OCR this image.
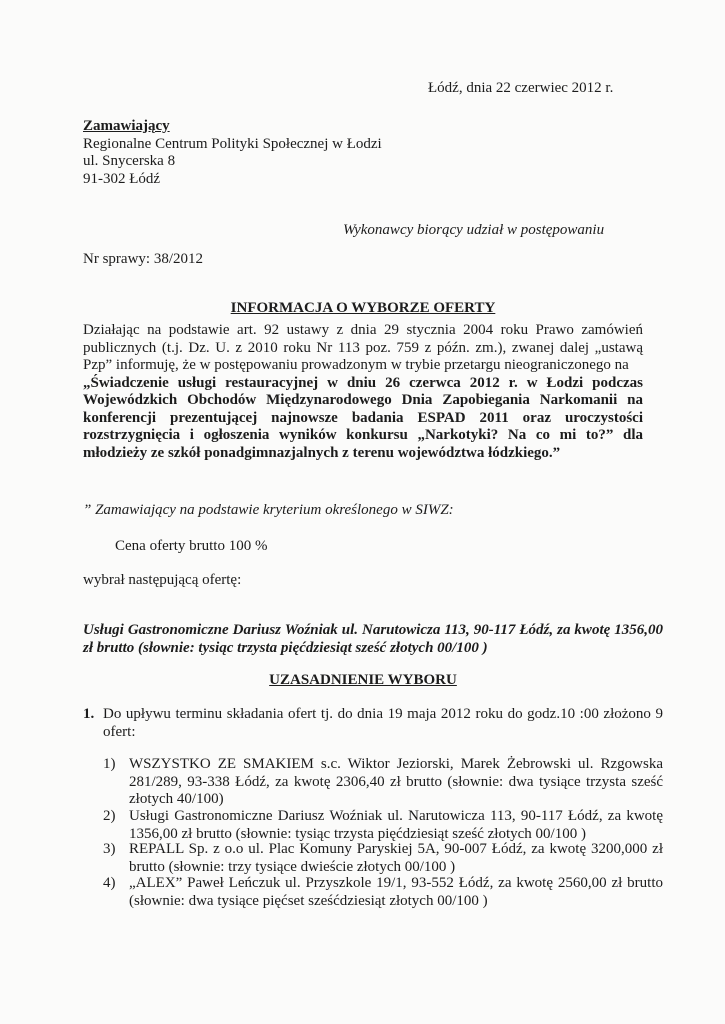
Łódź, dnia 22 czerwiec 2012 r.

Zamawiający

Regionalne Centrum Polityki Społecznej w Łodzi

ul. Snycerska 8

91-302 Łódź

Wykonawcy biorący udział w postępowaniu
Nr sprawy: 38/2012
INFORMACJA O WYBORZE OFERTY

Działając na podstawie art. 92 ustawy z dnia 29 stycznia 2004 roku Prawo zamówień publicznych (t.j. Dz. U. z 2010 roku Nr 113 poz. 759 z późn. zm.), zwanej dalej „ustawą Pzp” informuję, że w postępowaniu prowadzonym w trybie przetargu nieograniczonego na

„Świadczenie usługi restauracyjnej w dniu 26 czerwca 2012 r. w Łodzi podczas Wojewódzkich Obchodów Międzynarodowego Dnia Zapobiegania Narkomanii na konferencji prezentującej najnowsze badania ESPAD 2011 oraz uroczystości rozstrzygnięcia i ogłoszenia wyników konkursu „Narkotyki? Na co mi to?” dla młodzieży ze szkół ponadgimnazjalnych z terenu województwa łódzkiego.”

” Zamawiający na podstawie kryterium określonego w SIWZ:
Cena oferty brutto 100 %
wybrał następującą ofertę:
Usługi Gastronomiczne Dariusz Woźniak ul. Narutowicza 113, 90-117 Łódź, za kwotę 1356,00 zł brutto (słownie: tysiąc trzysta pięćdziesiąt sześć złotych 00/100 )
UZASADNIENIE WYBORU
1. Do upływu terminu składania ofert tj. do dnia 19 maja 2012 roku do godz.10 :00 złożono 9 ofert:

1) WSZYSTKO ZE SMAKIEM s.c. Wiktor Jeziorski, Marek Żebrowski ul. Rzgowska 281/289, 93-338 Łódź, za kwotę 2306,40 zł brutto (słownie: dwa tysiące trzysta sześć złotych 40/100)

2) Usługi Gastronomiczne Dariusz Woźniak ul. Narutowicza 113, 90-117 Łódź, za kwotę 1356,00 zł brutto (słownie: tysiąc trzysta pięćdziesiąt sześć złotych 00/100 )

3) REPALL Sp. z o.o ul. Plac Komuny Paryskiej 5A, 90-007 Łódź, za kwotę 3200,000 zł brutto (słownie: trzy tysiące dwieście złotych 00/100 )

4) „ALEX” Paweł Leńczuk ul. Przyszkole 19/1, 93-552 Łódź, za kwotę 2560,00 zł brutto (słownie: dwa tysiące pięćset sześćdziesiąt złotych 00/100 )
